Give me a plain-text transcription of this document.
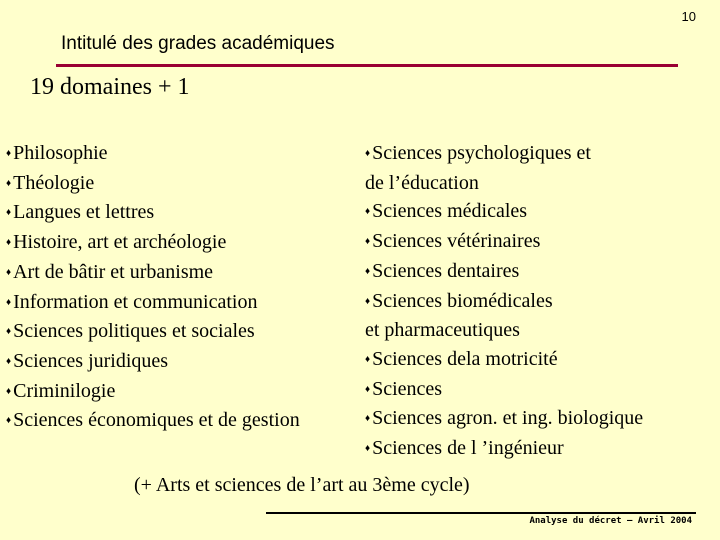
10
Intitulé des grades académiques
19 domaines + 1
♦ Philosophie
♦ Théologie
♦ Langues et lettres
♦ Histoire, art et archéologie
♦ Art de bâtir et urbanisme
♦ Information et communication
♦ Sciences politiques et sociales
♦ Sciences juridiques
♦ Criminilogie
♦ Sciences économiques et de gestion
♦ Sciences psychologiques et
de l’éducation
♦ Sciences médicales
♦ Sciences vétérinaires
♦ Sciences dentaires
♦ Sciences biomédicales
et pharmaceutiques
♦ Sciences dela motricité
♦ Sciences
♦ Sciences agron. et ing. biologique
♦ Sciences de l ’ingénieur
(+ Arts et sciences de l’art au 3ème cycle)
Analyse du décret – Avril 2004
